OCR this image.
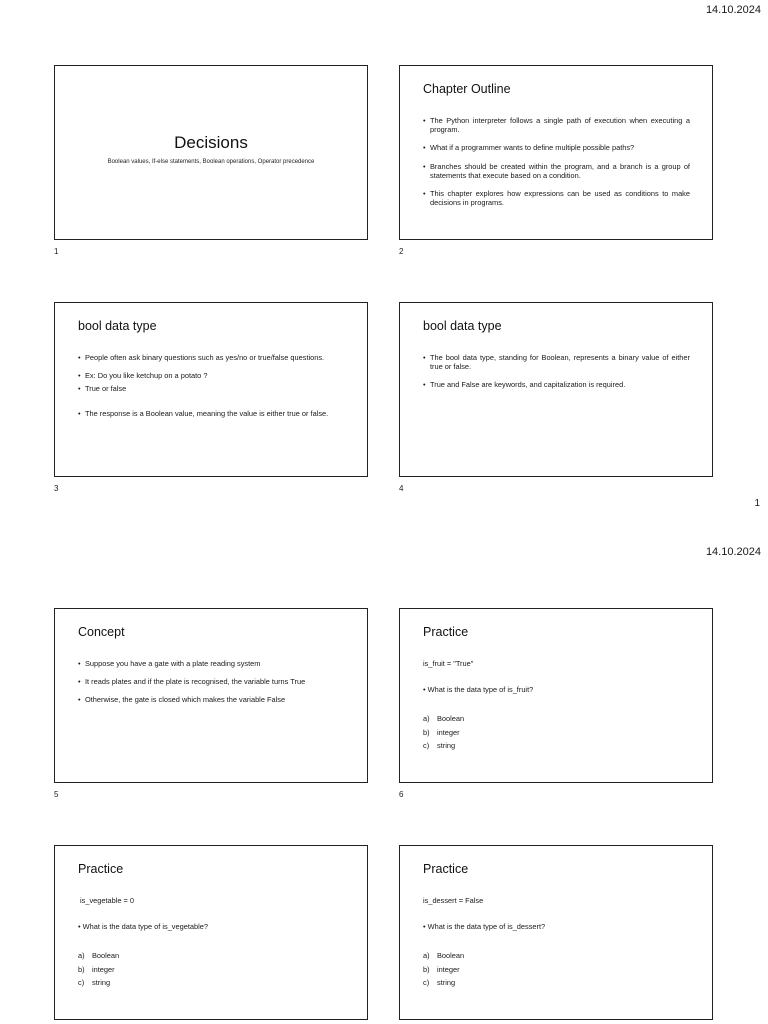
14.10.2024
Decisions
Boolean values, If-else statements, Boolean operations, Operator precedence
1
Chapter Outline
• The Python interpreter follows a single path of execution when executing a program.
• What if a programmer wants to define multiple possible paths?
• Branches should be created within the program, and a branch is a group of statements that execute based on a condition.
• This chapter explores how expressions can be used as conditions to make decisions in programs.
2
bool data type
• People often ask binary questions such as yes/no or true/false questions.
• Ex: Do you like ketchup on a potato ?
• True or false
• The response is a Boolean value, meaning the value is either true or false.
3
bool data type
• The bool data type, standing for Boolean, represents a binary value of either true or false.
• True and False are keywords, and capitalization is required.
4
1
14.10.2024
Concept
• Suppose you have a gate with a plate reading system
• It reads plates and if the plate is recognised, the variable turns True
• Otherwise, the gate is closed which makes the variable False
5
Practice
is_fruit = "True"
• What is the data type of is_fruit?
a) Boolean
b) integer
c) string
6
Practice
is_vegetable = 0
• What is the data type of is_vegetable?
a) Boolean
b) integer
c) string
Practice
is_dessert = False
• What is the data type of is_dessert?
a) Boolean
b) integer
c) string
